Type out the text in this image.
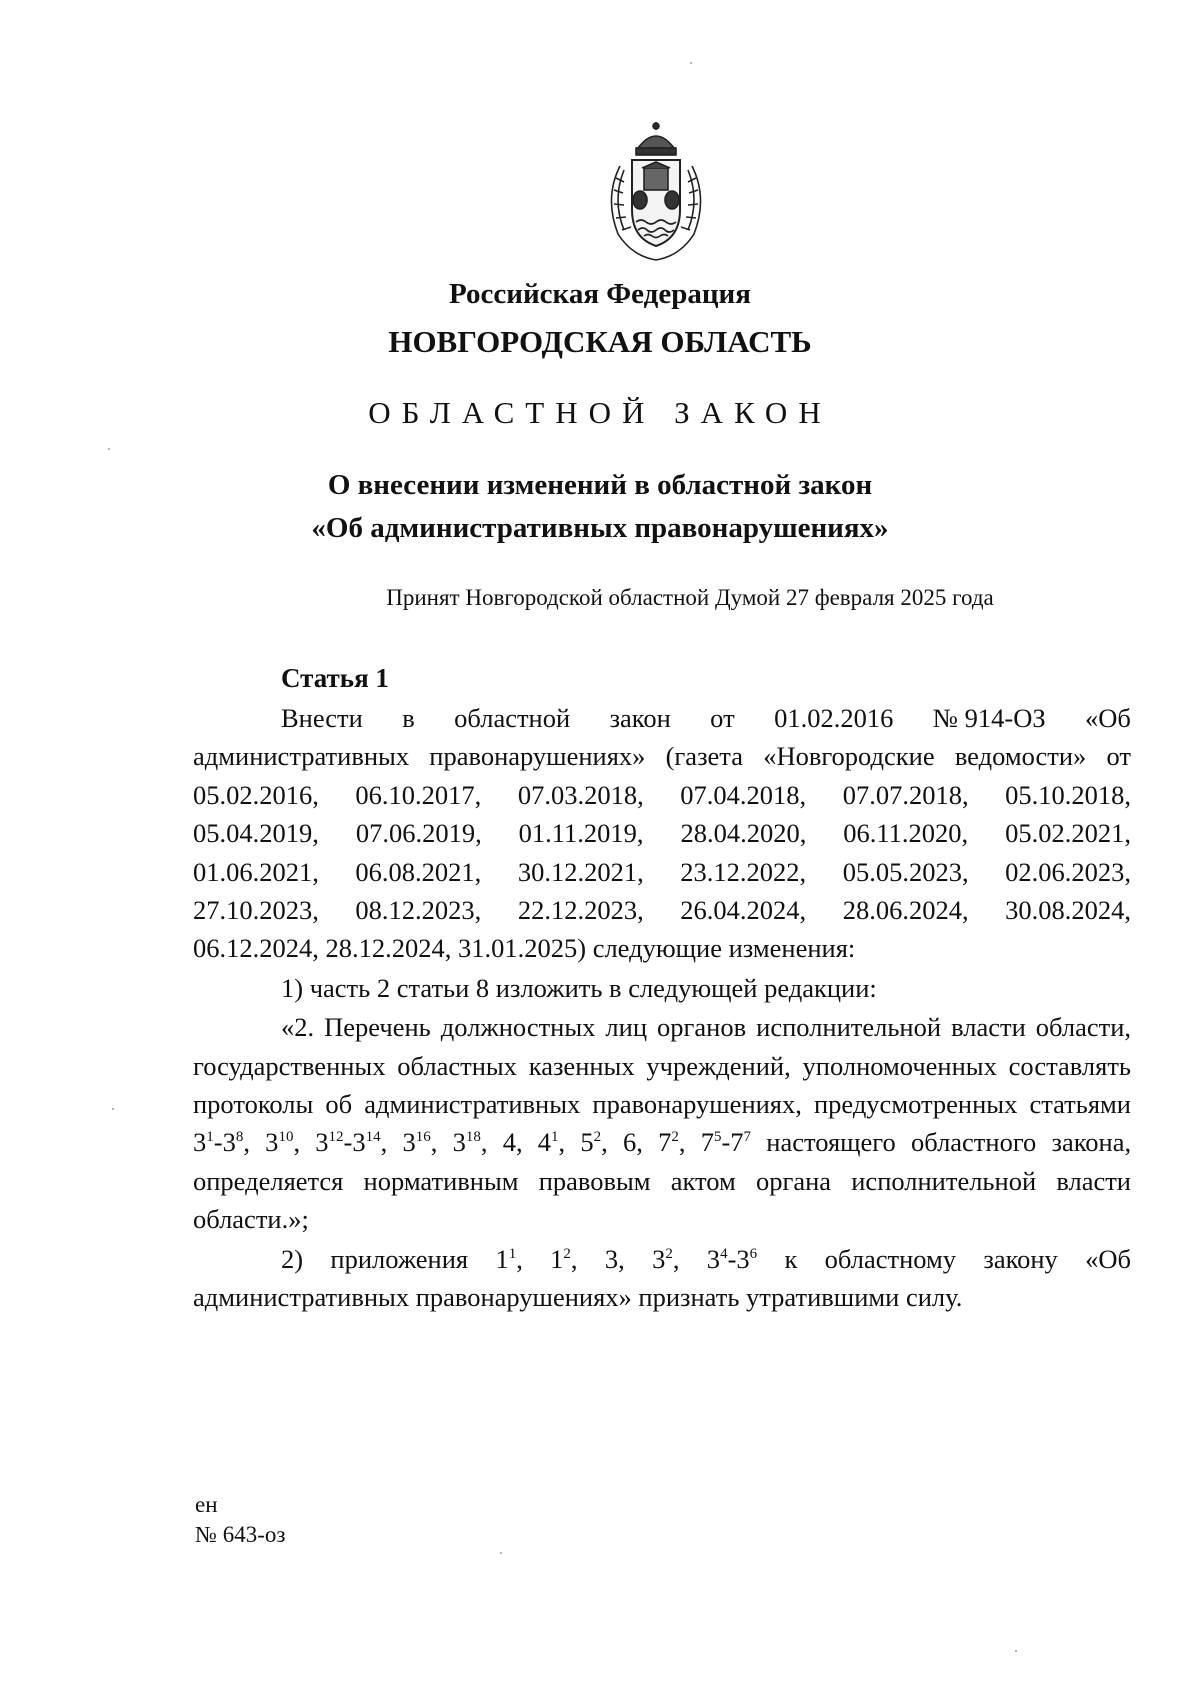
Российская Федерация
НОВГОРОДСКАЯ ОБЛАСТЬ
ОБЛАСТНОЙ ЗАКОН
О внесении изменений в областной закон
«Об административных правонарушениях»
Принят Новгородской областной Думой 27 февраля 2025 года
Статья 1
Внести в областной закон от 01.02.2016 № 914-ОЗ «Об
административных правонарушениях» (газета «Новгородские ведомости» от
05.02.2016, 06.10.2017, 07.03.2018, 07.04.2018, 07.07.2018, 05.10.2018,
05.04.2019, 07.06.2019, 01.11.2019, 28.04.2020, 06.11.2020, 05.02.2021,
01.06.2021, 06.08.2021, 30.12.2021, 23.12.2022, 05.05.2023, 02.06.2023,
27.10.2023, 08.12.2023, 22.12.2023, 26.04.2024, 28.06.2024, 30.08.2024,
06.12.2024, 28.12.2024, 31.01.2025) следующие изменения:

1) часть 2 статьи 8 изложить в следующей редакции:

«2. Перечень должностных лиц органов исполнительной власти области, государственных областных казенных учреждений, уполномоченных составлять протоколы об административных правонарушениях, предусмотренных статьями $3^1-3^8$, $3^{10}$, $3^{12}-3^{14}$, $3^{16}$, $3^{18}$, 4, $4^1$, $5^2$, 6, $7^2$, $7^5-7^7$ настоящего областного закона, определяется нормативным правовым актом органа исполнительной власти области.»;

2) приложения $1^1$, $1^2$, 3, $3^2$, $3^4-3^6$ к областному закону «Об административных правонарушениях» признать утратившими силу.

ен
№ 643-оз
